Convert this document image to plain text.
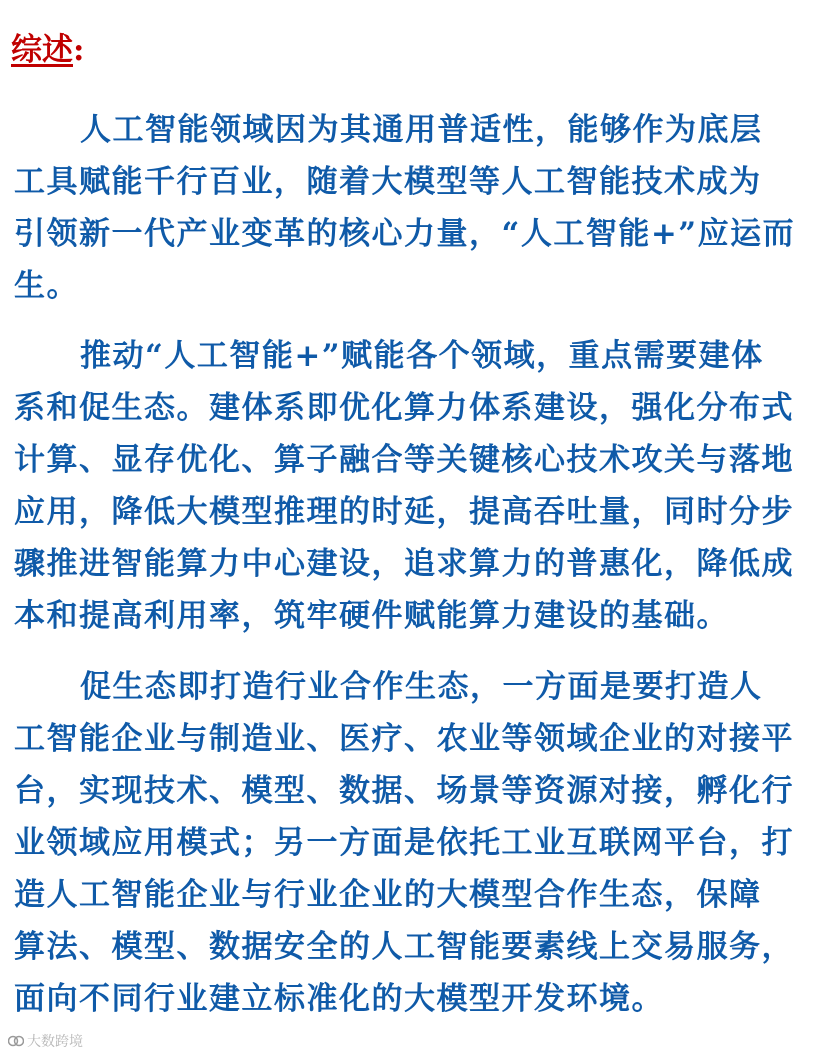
综述:
人工智能领域因为其通用普适性，能够作为底层
工具赋能千行百业，随着大模型等人工智能技术成为
引领新一代产业变革的核心力量，“人工智能+”应运而
生。
推动“人工智能+”赋能各个领域，重点需要建体
系和促生态。建体系即优化算力体系建设，强化分布式
计算、显存优化、算子融合等关键核心技术攻关与落地
应用，降低大模型推理的时延，提高吞吐量，同时分步
骤推进智能算力中心建设，追求算力的普惠化，降低成
本和提高利用率，筑牢硬件赋能算力建设的基础。
促生态即打造行业合作生态，一方面是要打造人
工智能企业与制造业、医疗、农业等领域企业的对接平
台，实现技术、模型、数据、场景等资源对接，孵化行
业领域应用模式；另一方面是依托工业互联网平台，打
造人工智能企业与行业企业的大模型合作生态，保障
算法、模型、数据安全的人工智能要素线上交易服务，
面向不同行业建立标准化的大模型开发环境。
大数跨境
